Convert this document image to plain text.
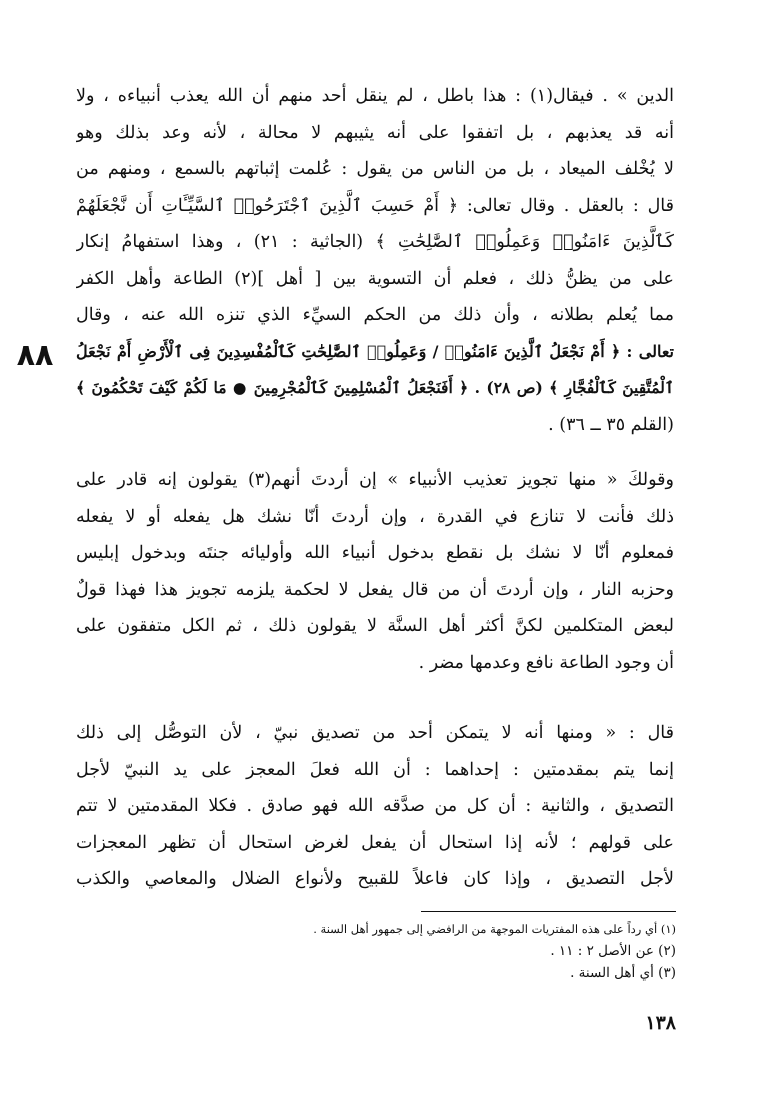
٨٨
الدين » . فيقال(١) : هذا باطل ، لم ينقل أحد منهم أن الله يعذب أنبياءه ، ولا
أنه قد يعذبهم ، بل اتفقوا على أنه يثيبهم لا محالة ، لأنه وعد بذلك وهو
لا يُخْلف الميعاد ، بل من الناس من يقول : عُلمت إثباتهم بالسمع ، ومنهم من
قال : بالعقل . وقال تعالى: ﴿ أَمْ حَسِبَ ٱلَّذِينَ ٱجْتَرَحُوا۟ ٱلسَّيِّـَٔاتِ أَن نَّجْعَلَهُمْ
كَٱلَّذِينَ ءَامَنُوا۟ وَعَمِلُوا۟ ٱلصَّٰلِحَٰتِ ﴾ (الجاثية : ٢١) ، وهذا استفهامُ إنكار
على من يظنُّ ذلك ، فعلم أن التسوية بين [ أهل ](٢) الطاعة وأهل الكفر
مما يُعلم بطلانه ، وأن ذلك من الحكم السيِّء الذي تنزه الله عنه ، وقال
تعالى : ﴿ أَمْ نَجْعَلُ ٱلَّذِينَ ءَامَنُوا۟ / وَعَمِلُوا۟ ٱلصَّٰلِحَٰتِ كَٱلْمُفْسِدِينَ فِى ٱلْأَرْضِ أَمْ نَجْعَلُ
ٱلْمُتَّقِينَ كَٱلْفُجَّارِ ﴾ (ص ٢٨) . ﴿ أَفَنَجْعَلُ ٱلْمُسْلِمِينَ كَٱلْمُجْرِمِينَ ● مَا لَكُمْ كَيْفَ تَحْكُمُونَ ﴾
(القلم ٣٥ ــ ٣٦) .
وقولكَ « منها تجويز تعذيب الأنبياء » إن أردتَ أنهم(٣) يقولون إنه قادر على
ذلك فأنت لا تنازع في القدرة ، وإن أردتَ أنّا نشك هل يفعله أو لا يفعله
فمعلوم أنّا لا نشك بل نقطع بدخول أنبياء الله وأوليائه جنتَه وبدخول إبليس
وحزبه النار ، وإن أردتَ أن من قال يفعل لا لحكمة يلزمه تجويز هذا فهذا قولٌ
لبعض المتكلمين لكنَّ أكثر أهل السنَّة لا يقولون ذلك ، ثم الكل متفقون على
أن وجود الطاعة نافع وعدمها مضر .
قال : « ومنها أنه لا يتمكن أحد من تصديق نبيّ ، لأن التوصُّل إلى ذلك
إنما يتم بمقدمتين : إحداهما : أن الله فعلَ المعجز على يد النبيّ لأجل
التصديق ، والثانية : أن كل من صدَّقه الله فهو صادق . فكلا المقدمتين لا تتم
على قولهم ؛ لأنه إذا استحال أن يفعل لغرض استحال أن تظهر المعجزات
لأجل التصديق ، وإذا كان فاعلاً للقبيح ولأنواع الضلال والمعاصي والكذب
(١) أي رداً على هذه المفتريات الموجهة من الرافضي إلى جمهور أهل السنة .
(٢) عن الأصل ٢ : ١١ .
(٣) أي أهل السنة .
١٣٨
